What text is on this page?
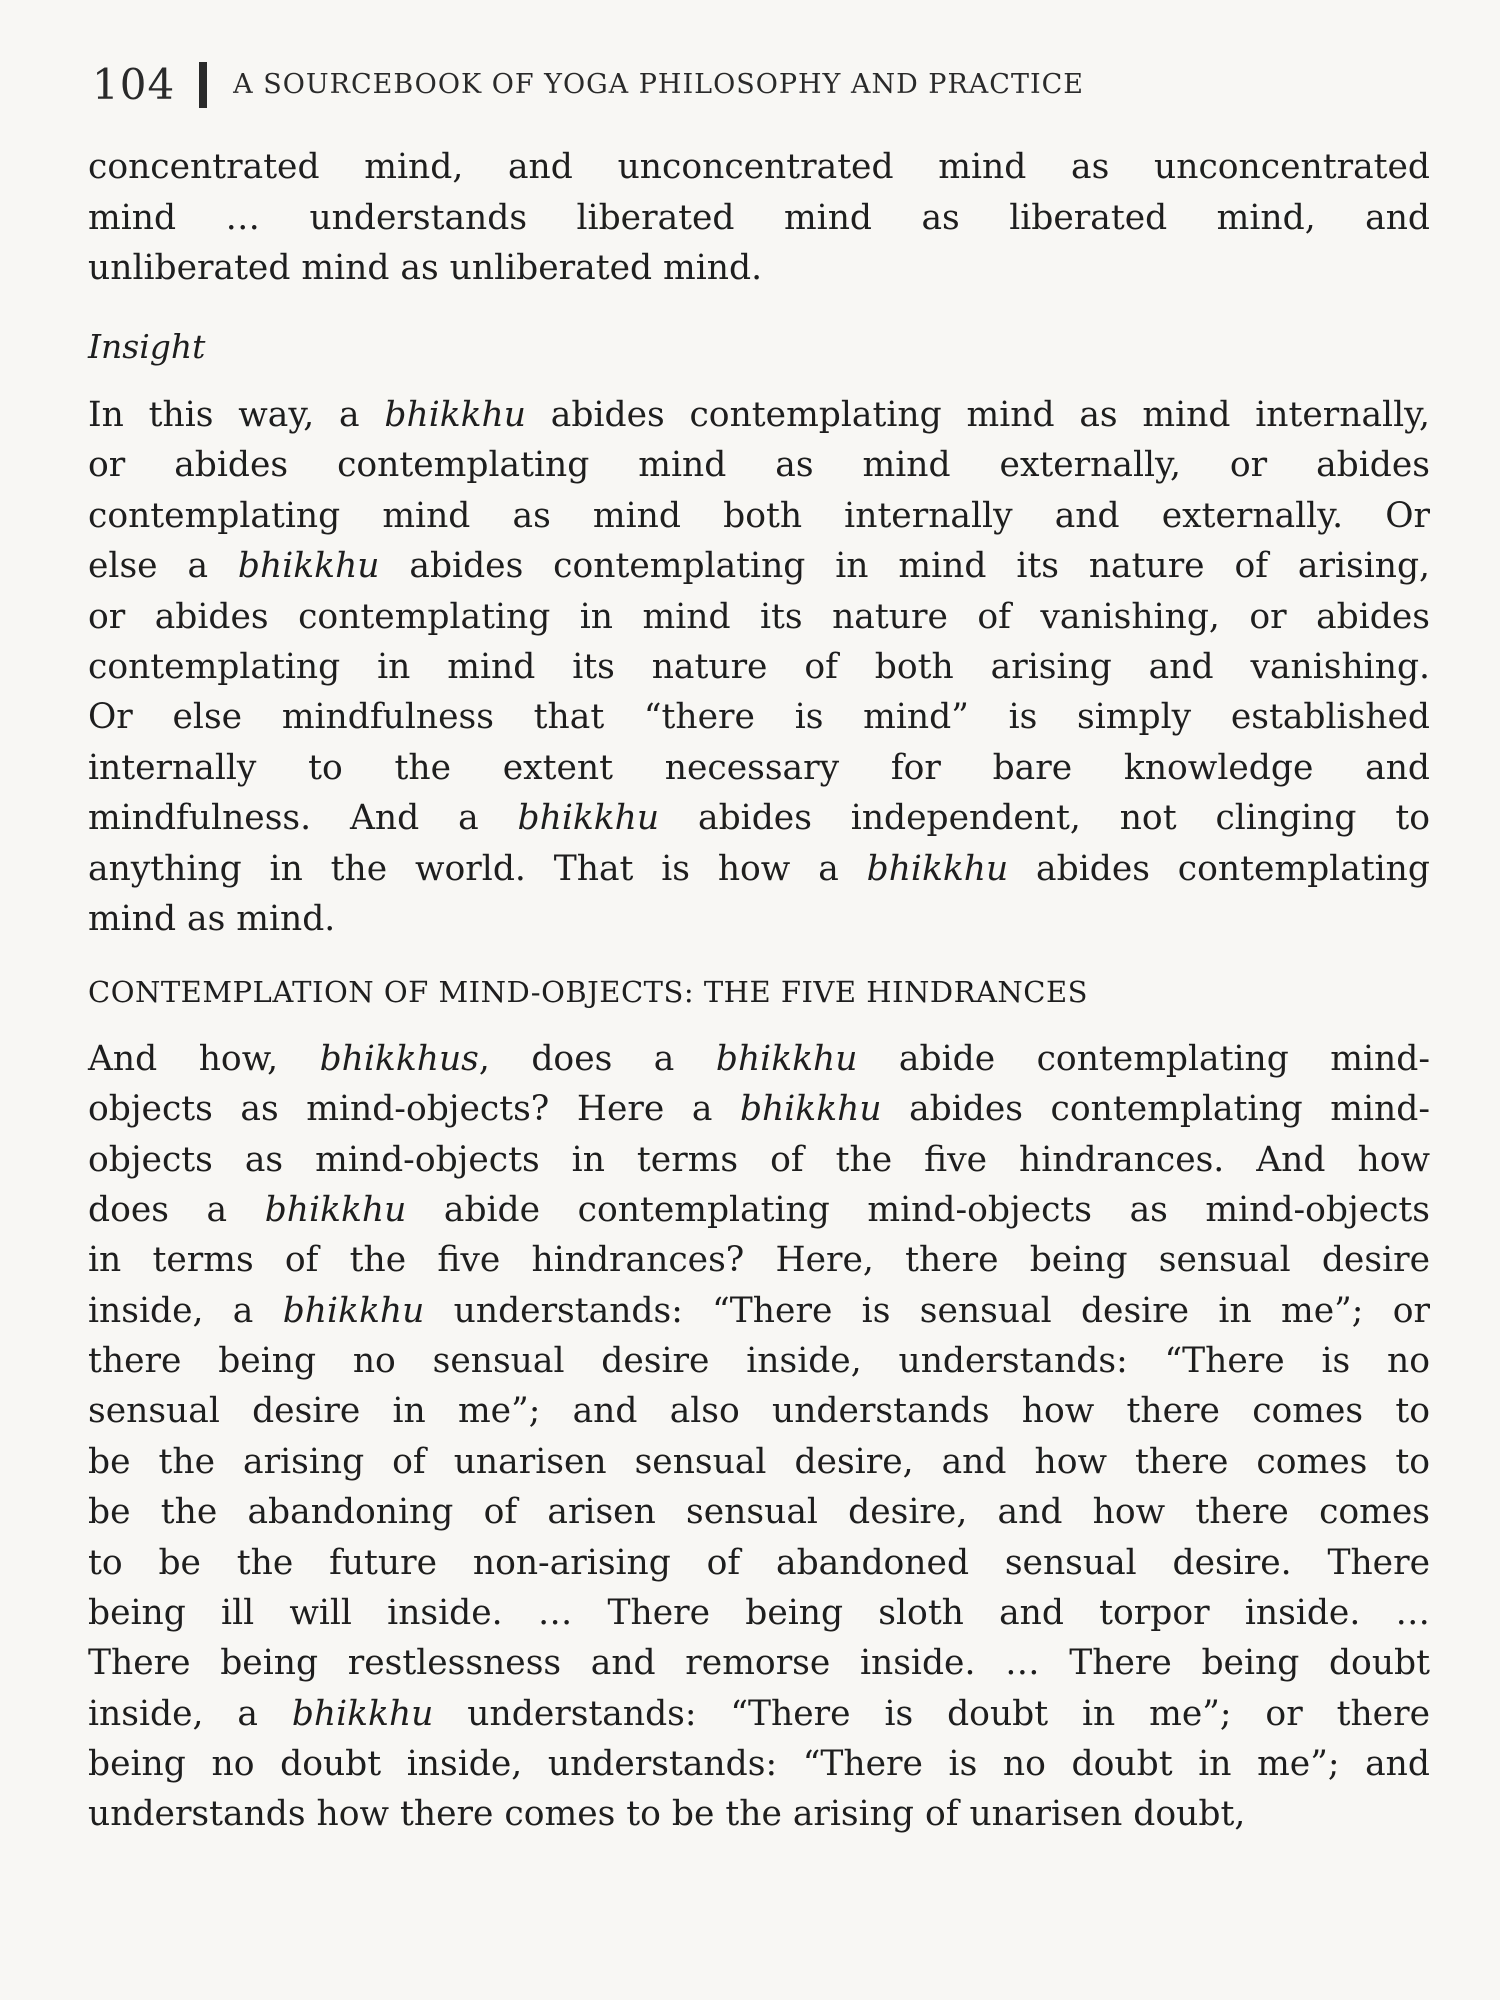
104 A SOURCEBOOK OF YOGA PHILOSOPHY AND PRACTICE
concentrated mind, and unconcentrated mind as unconcentrated
mind … understands liberated mind as liberated mind, and
unliberated mind as unliberated mind.
Insight
In this way, a bhikkhu abides contemplating mind as mind internally,
or abides contemplating mind as mind externally, or abides
contemplating mind as mind both internally and externally. Or
else a bhikkhu abides contemplating in mind its nature of arising,
or abides contemplating in mind its nature of vanishing, or abides
contemplating in mind its nature of both arising and vanishing.
Or else mindfulness that “there is mind” is simply established
internally to the extent necessary for bare knowledge and
mindfulness. And a bhikkhu abides independent, not clinging to
anything in the world. That is how a bhikkhu abides contemplating
mind as mind.
CONTEMPLATION OF MIND-OBJECTS: THE FIVE HINDRANCES
And how, bhikkhus, does a bhikkhu abide contemplating mind-
objects as mind-objects? Here a bhikkhu abides contemplating mind-
objects as mind-objects in terms of the five hindrances. And how
does a bhikkhu abide contemplating mind-objects as mind-objects
in terms of the five hindrances? Here, there being sensual desire
inside, a bhikkhu understands: “There is sensual desire in me”; or
there being no sensual desire inside, understands: “There is no
sensual desire in me”; and also understands how there comes to
be the arising of unarisen sensual desire, and how there comes to
be the abandoning of arisen sensual desire, and how there comes
to be the future non-arising of abandoned sensual desire. There
being ill will inside. … There being sloth and torpor inside. …
There being restlessness and remorse inside. … There being doubt
inside, a bhikkhu understands: “There is doubt in me”; or there
being no doubt inside, understands: “There is no doubt in me”; and
understands how there comes to be the arising of unarisen doubt,
